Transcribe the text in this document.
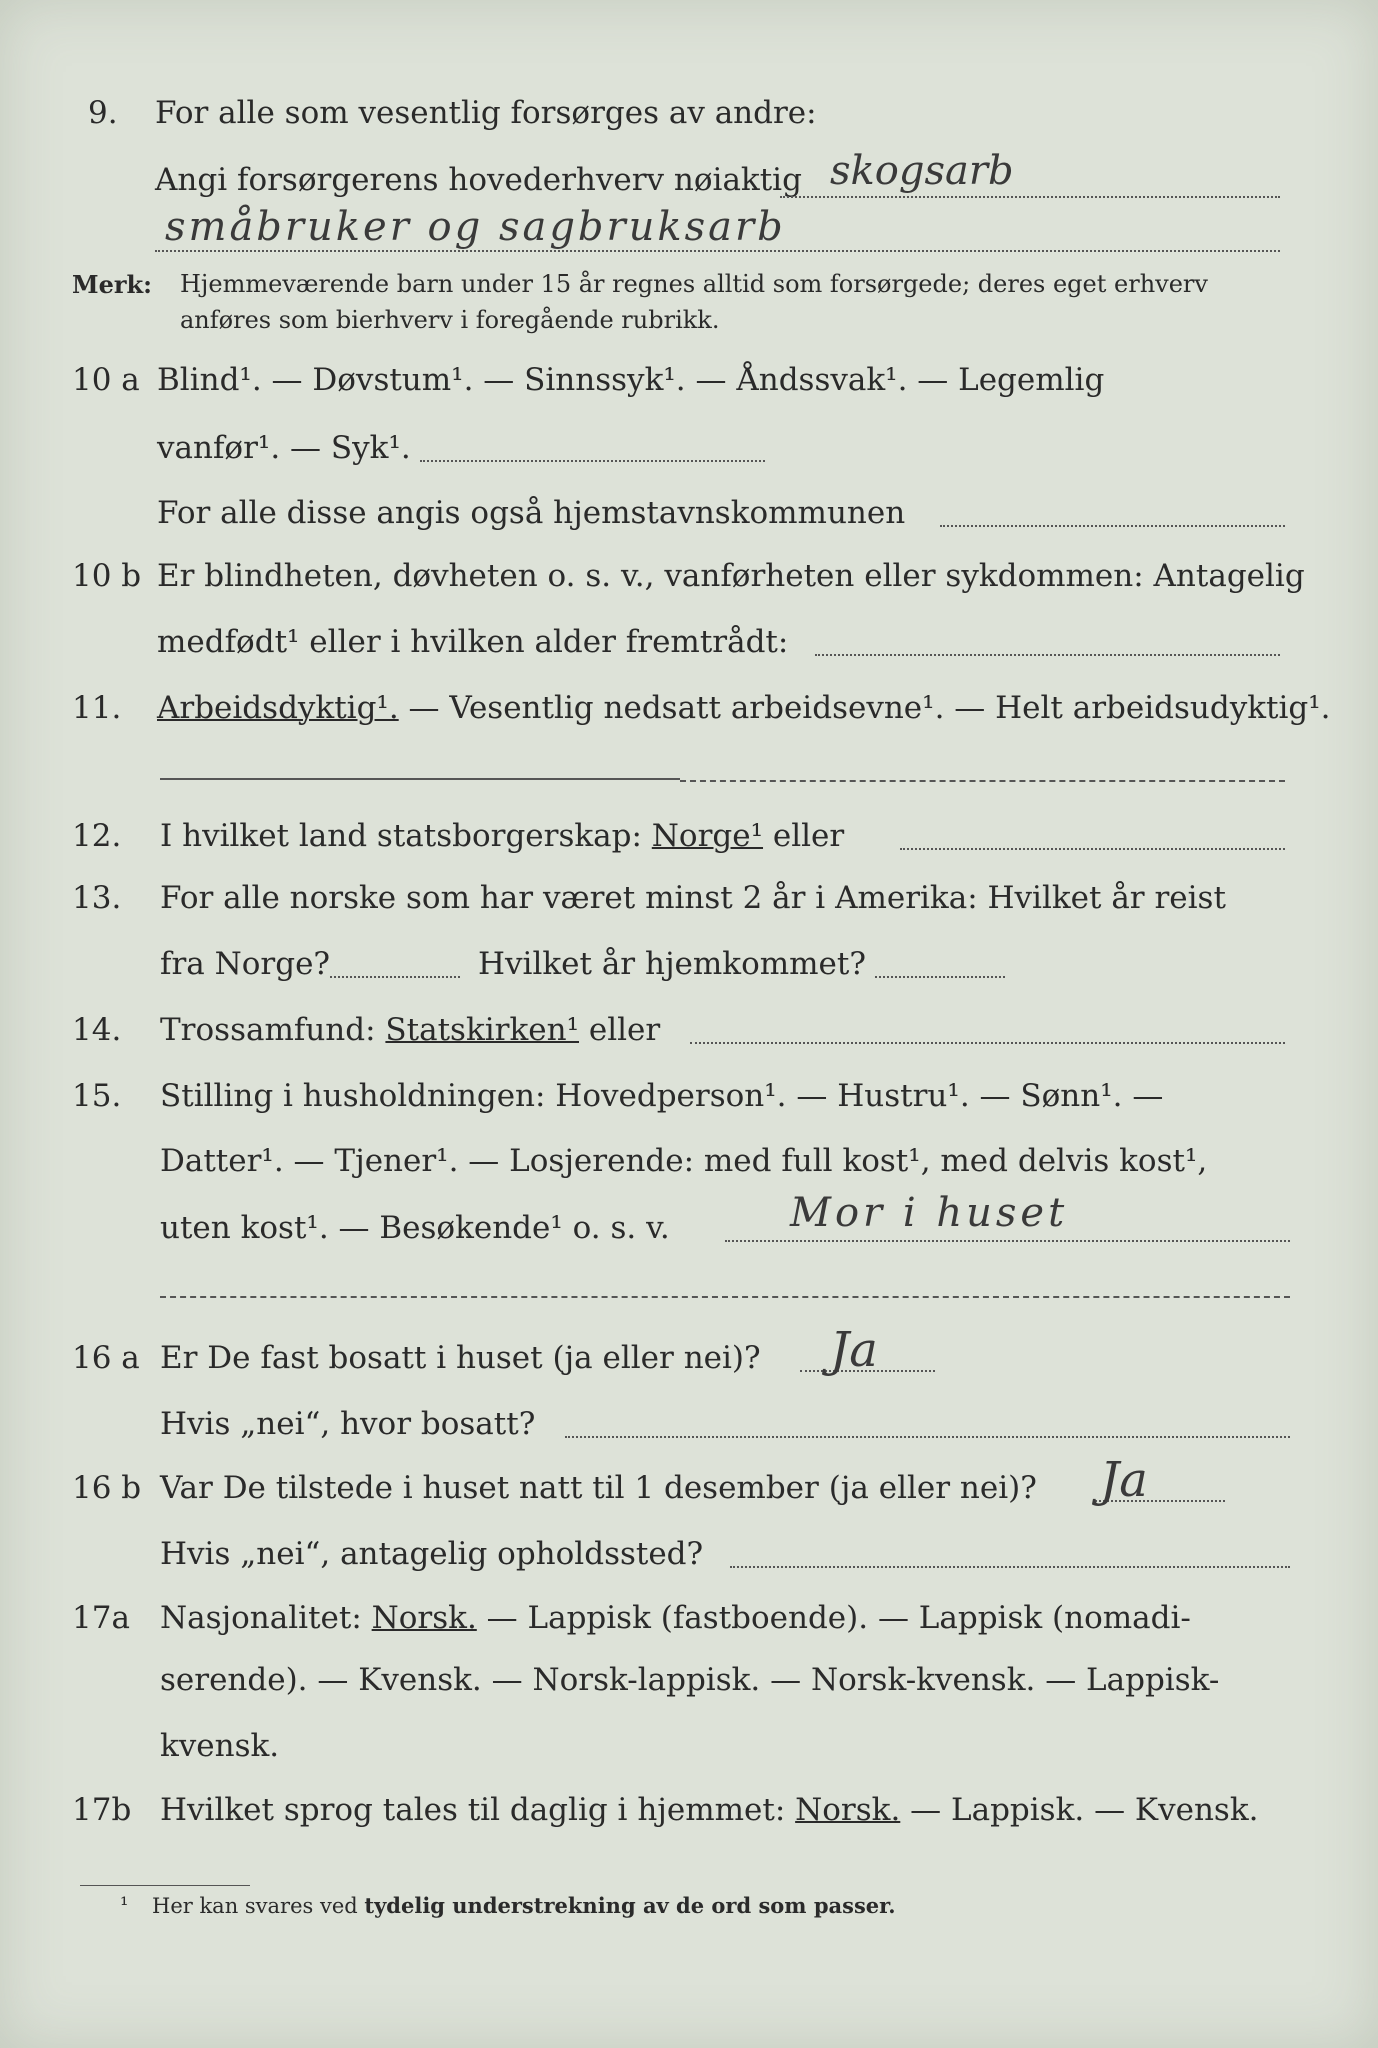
9. For alle som vesentlig forsørges av andre:
Angi forsørgerens hovederhverv nøiaktig skogsarb
småbruker og sagbruksarb
Merk: Hjemmeværende barn under 15 år regnes alltid som forsørgede; deres eget erhverv
anføres som bierhverv i foregående rubrikk.
10 a Blind¹. — Døvstum¹. — Sinnssyk¹. — Åndssvak¹. — Legemlig
vanfør¹. — Syk¹.
For alle disse angis også hjemstavnskommunen
10 b Er blindheten, døvheten o. s. v., vanførheten eller sykdommen: Antagelig
medfødt¹ eller i hvilken alder fremtrådt:
11. Arbeidsdyktig¹. — Vesentlig nedsatt arbeidsevne¹. — Helt arbeidsudyktig¹.
12. I hvilket land statsborgerskap: Norge¹ eller
13. For alle norske som har været minst 2 år i Amerika: Hvilket år reist
fra Norge?	Hvilket år hjemkommet?
14. Trossamfund: Statskirken¹ eller
15. Stilling i husholdningen: Hovedperson¹. — Hustru¹. — Sønn¹. —
Datter¹. — Tjener¹. — Losjerende: med full kost¹, med delvis kost¹,
uten kost¹. — Besøkende¹ o. s. v.	Mor i huset
16 a Er De fast bosatt i huset (ja eller nei)? Ja
Hvis „nei“, hvor bosatt?
16 b Var De tilstede i huset natt til 1 desember (ja eller nei)? Ja
Hvis „nei“, antagelig opholdssted?
17a Nasjonalitet: Norsk. — Lappisk (fastboende). — Lappisk (nomadi-
serende). — Kvensk. — Norsk-lappisk. — Norsk-kvensk. — Lappisk-
kvensk.
17b Hvilket sprog tales til daglig i hjemmet: Norsk. — Lappisk. — Kvensk.
¹ Her kan svares ved tydelig understrekning av de ord som passer.
